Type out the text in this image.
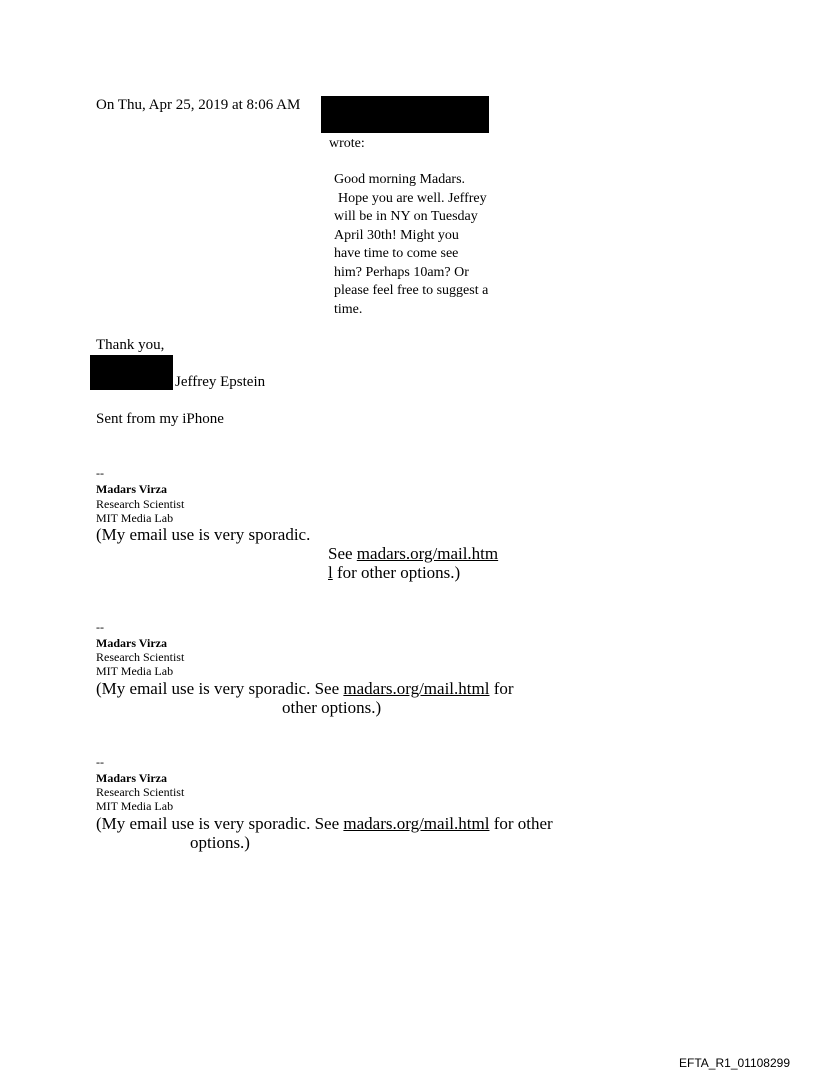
On Thu, Apr 25, 2019 at 8:06 AM
wrote:
Good morning Madars.
Hope you are well. Jeffrey
will be in NY on Tuesday
April 30th! Might you
have time to come see
him? Perhaps 10am? Or
please feel free to suggest a
time.
Thank you,
Jeffrey Epstein
Sent from my iPhone
--
Madars Virza
Research Scientist
MIT Media Lab
(My email use is very sporadic.
See madars.org/mail.htm
l for other options.)
--
Madars Virza
Research Scientist
MIT Media Lab
(My email use is very sporadic. See madars.org/mail.html for
other options.)
--
Madars Virza
Research Scientist
MIT Media Lab
(My email use is very sporadic. See madars.org/mail.html for other
options.)
EFTA_R1_01108299
